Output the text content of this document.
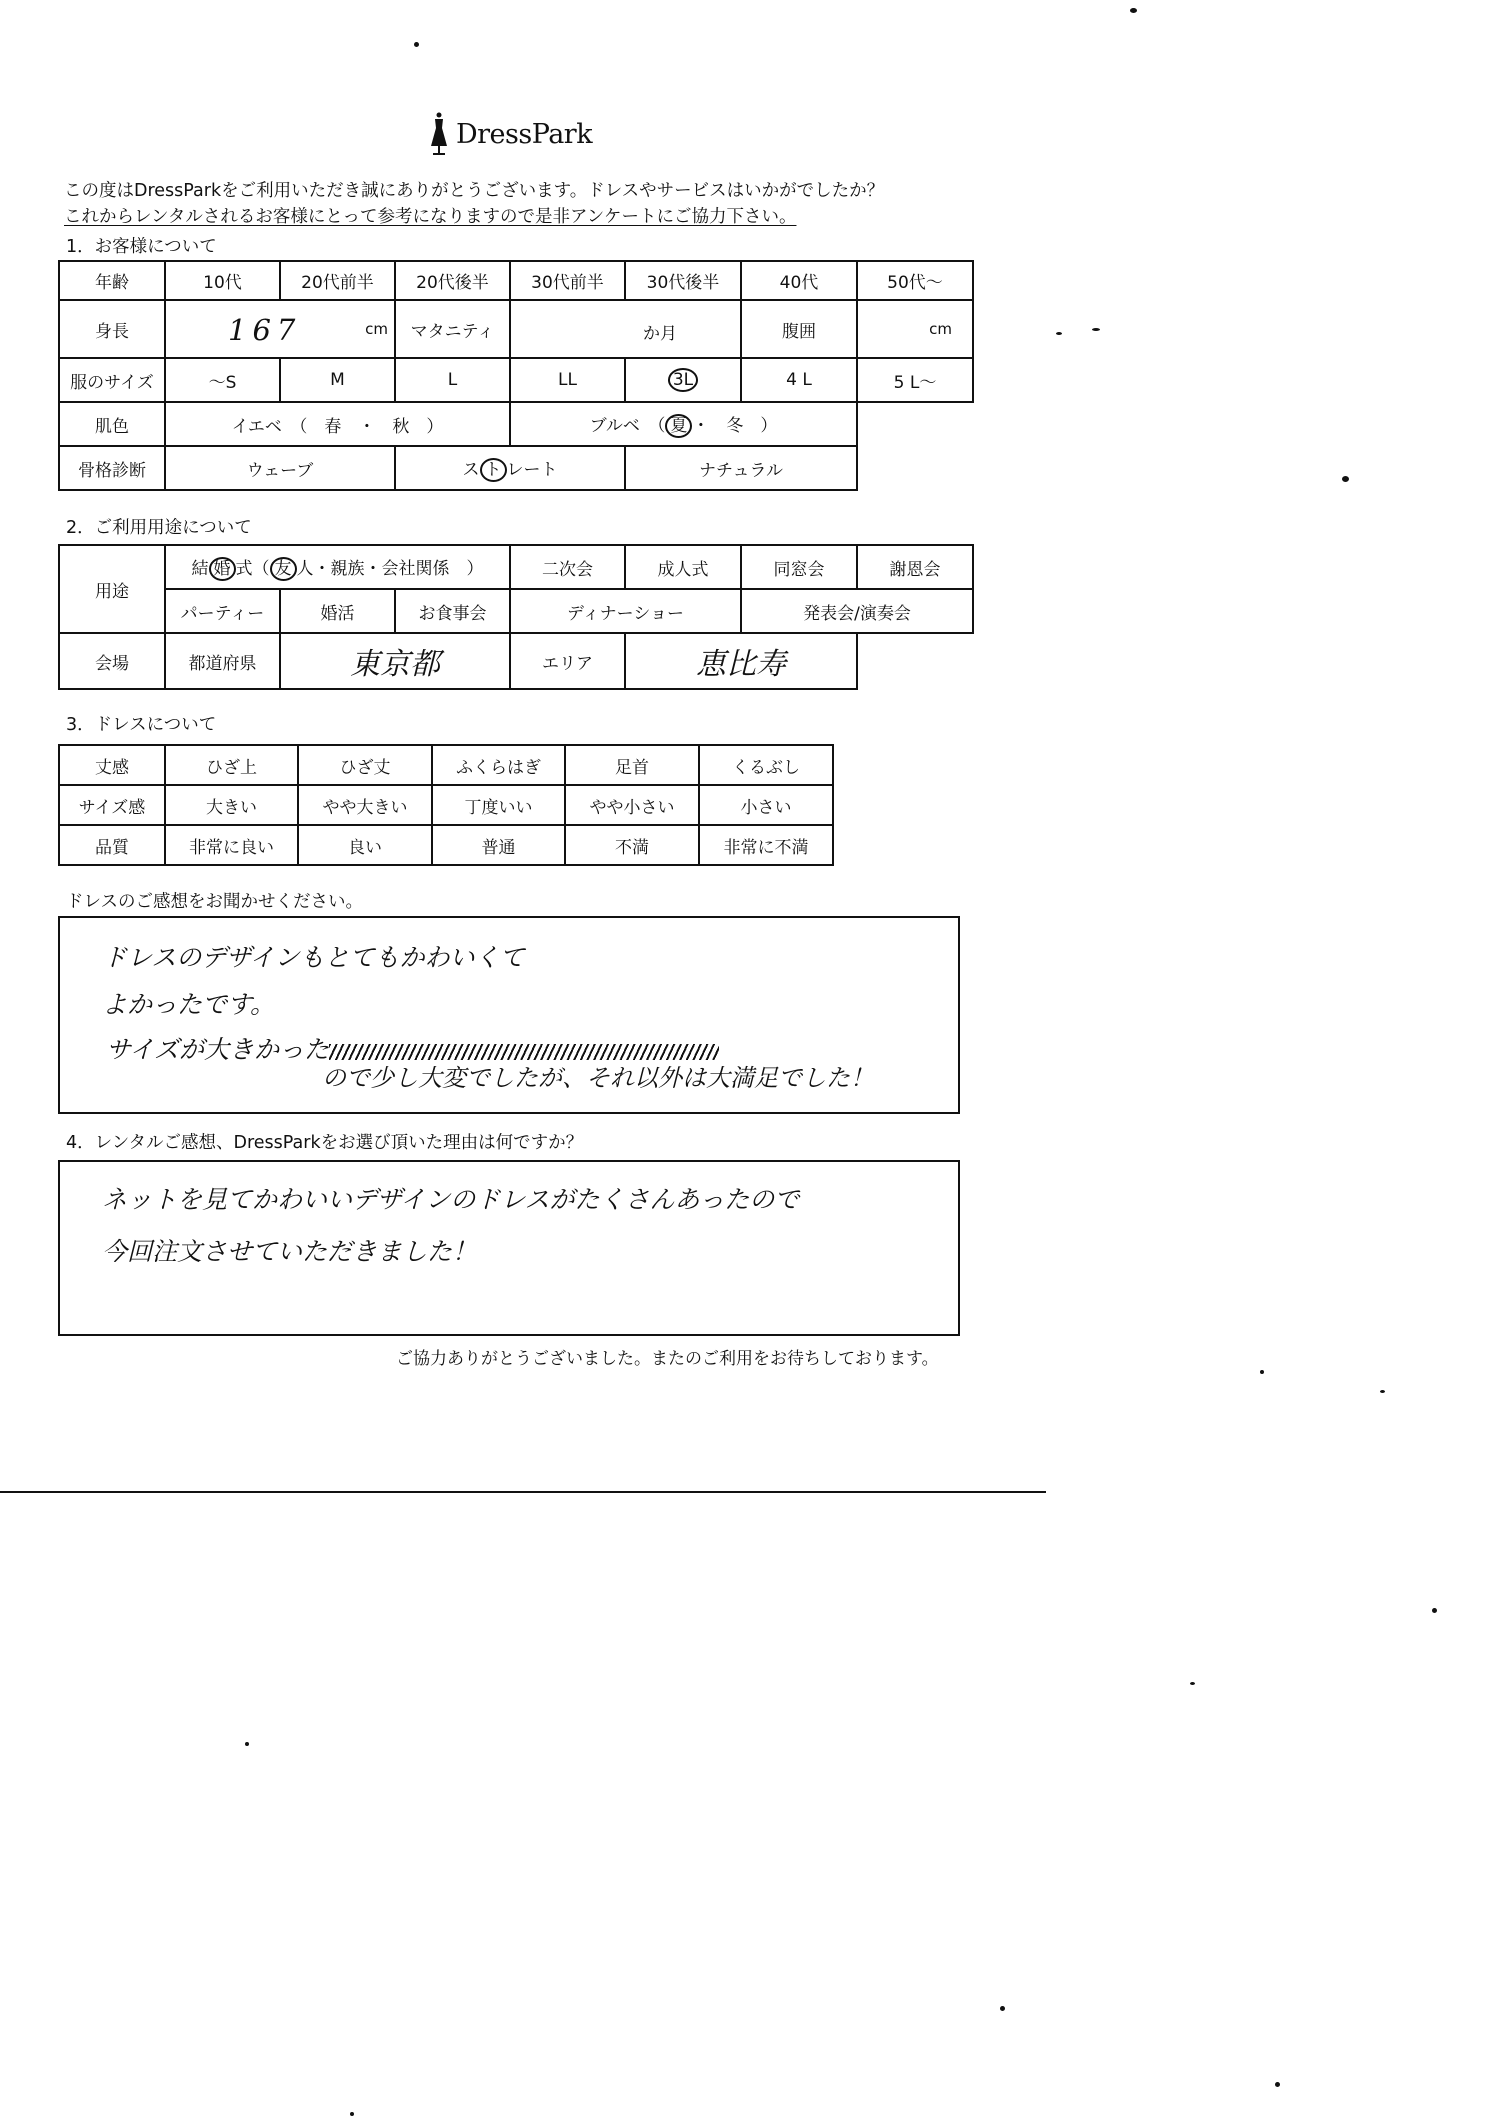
DressPark
この度はDressParkをご利用いただき誠にありがとうございます。ドレスやサービスはいかがでしたか？
これからレンタルされるお客様にとって参考になりますので是非アンケートにご協力下さい。
1．お客様について
年齢	10代	20代前半	20代後半	30代前半	30代後半	40代	50代～
身長	167 cm		マタニティ	か月		腹囲	cm

服のサイズ	～S	M	L	LL	3L	4 L	5 L～
肌色	イエベ　（　春　・　秋　）			ブルベ　（ 夏 ・　冬　）			
骨格診断	ウェーブ		ス ト レート		ナチュラル		
2．ご利用用途について
用途	結 婚 式（ 友 人・親族・会社関係　）			二次会	成人式	同窓会	謝恩会
	パーティー	婚活	お食事会	ディナーショー		発表会/演奏会	
会場	都道府県	東京都		エリア	恵比寿		
3．ドレスについて
丈感	ひざ上	ひざ丈	ふくらはぎ	足首	くるぶし
サイズ感	大きい	やや大きい	丁度いい	やや小さい	小さい
品質	非常に良い	良い	普通	不満	非常に不満
ドレスのご感想をお聞かせください。
ドレスのデザインもとてもかわいくて
よかったです。
サイズが大きかった
ので少し大変でしたが、それ以外は大満足でした！
4．レンタルご感想、DressParkをお選び頂いた理由は何ですか？
ネットを見てかわいいデザインのドレスがたくさんあったので
今回注文させていただきました！
ご協力ありがとうございました。またのご利用をお待ちしております。
